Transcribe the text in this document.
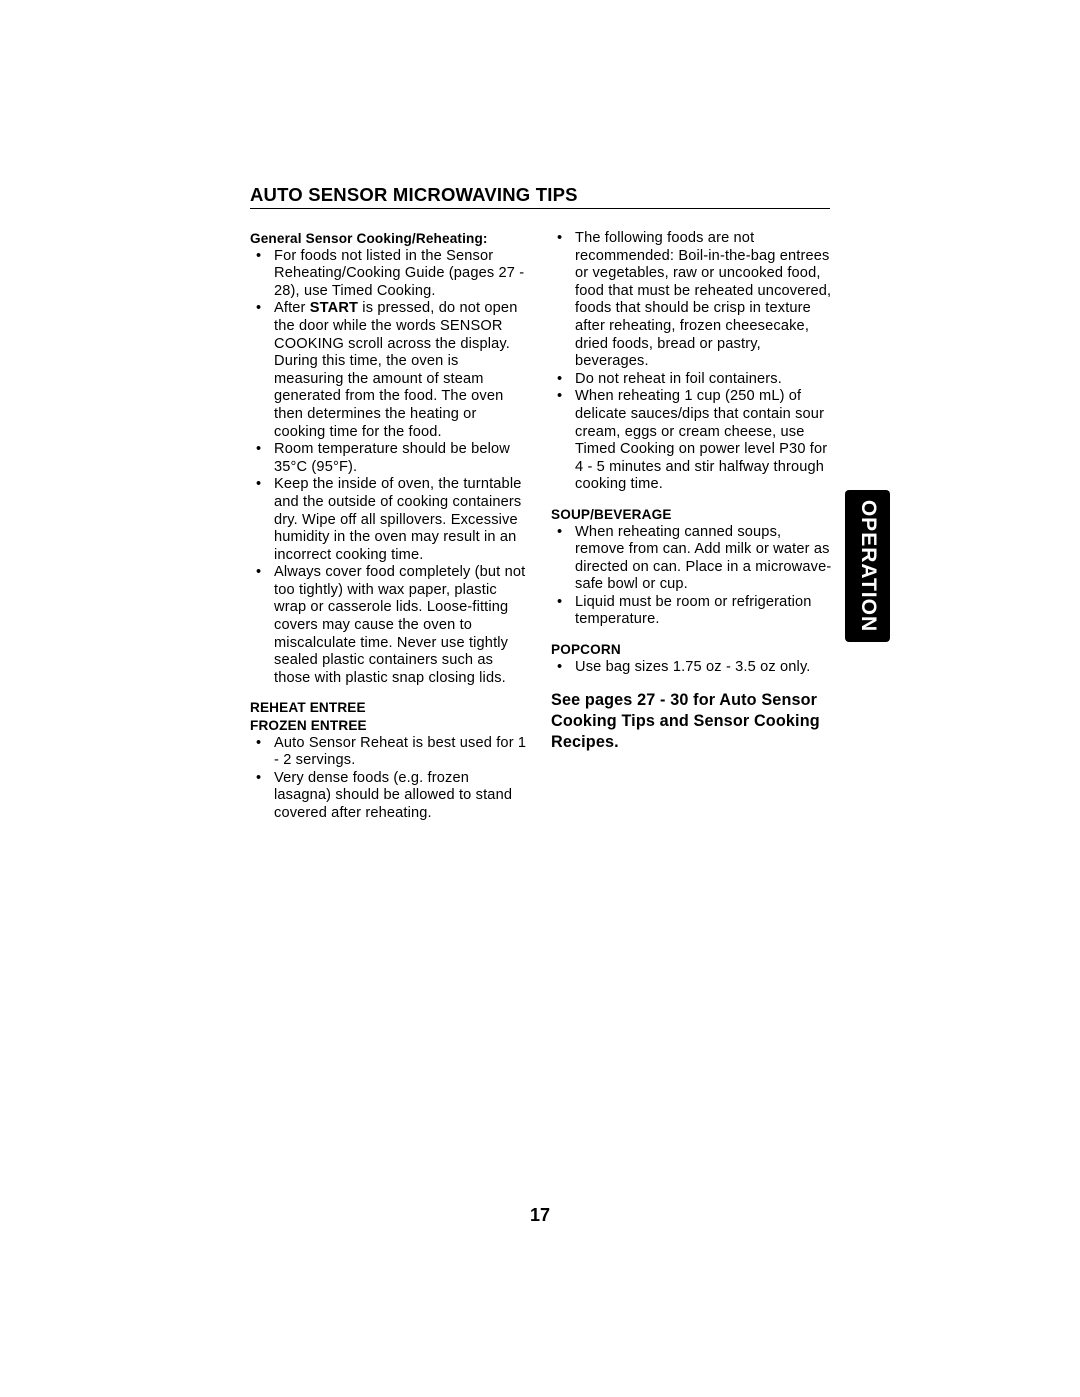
AUTO SENSOR MICROWAVING TIPS
General Sensor Cooking/Reheating:
• For foods not listed in the Sensor Reheating/Cooking Guide (pages 27 - 28), use Timed Cooking.
• After START is pressed, do not open the door while the words SENSOR COOKING scroll across the display. During this time, the oven is measuring the amount of steam generated from the food. The oven then determines the heating or cooking time for the food.
• Room temperature should be below 35°C (95°F).
• Keep the inside of oven, the turntable and the outside of cooking containers dry. Wipe off all spillovers. Excessive humidity in the oven may result in an incorrect cooking time.
• Always cover food completely (but not too tightly) with wax paper, plastic wrap or casserole lids. Loose-fitting covers may cause the oven to miscalculate time. Never use tightly sealed plastic containers such as those with plastic snap closing lids.
REHEAT ENTREE
FROZEN ENTREE
• Auto Sensor Reheat is best used for 1 - 2 servings.
• Very dense foods (e.g. frozen lasagna) should be allowed to stand covered after reheating.
• The following foods are not recommended: Boil-in-the-bag entrees or vegetables, raw or uncooked food, food that must be reheated uncovered, foods that should be crisp in texture after reheating, frozen cheesecake, dried foods, bread or pastry, beverages.
• Do not reheat in foil containers.
• When reheating 1 cup (250 mL) of delicate sauces/dips that contain sour cream, eggs or cream cheese, use Timed Cooking on power level P30 for 4 - 5 minutes and stir halfway through cooking time.
SOUP/BEVERAGE
• When reheating canned soups, remove from can. Add milk or water as directed on can. Place in a microwave-safe bowl or cup.
• Liquid must be room or refrigeration temperature.
POPCORN
• Use bag sizes 1.75 oz - 3.5 oz only.
See pages 27 - 30 for Auto Sensor Cooking Tips and Sensor Cooking Recipes.
OPERATION
17
